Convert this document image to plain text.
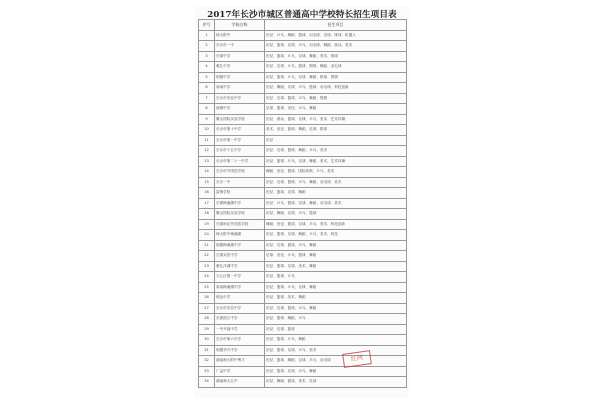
2017年长沙市城区普通高中学校特长招生项目表
序号	学校名称	招生项目
1	师大附中	田径、乒乓、舞蹈、篮球、羽毛球、足球、排球、机器人
2	长沙市一中	田径、篮球、足球、乒乓、羽毛球、舞蹈、游泳、美术
3	长郡中学	田径、篮球、乒乓、足球、舞蹈、美术、排球
4	雅礼中学	田径、足球、乒乓、篮球、网球、舞蹈、羽毛球
5	明德中学	田径、篮球、乒乓、足球、舞蹈、排球、围棋
6	周南中学	田径、舞蹈、足球、乒乓、篮球、羽毛球、科技创新
7	长沙市实验中学	田径、足球、篮球、乒乓、舞蹈、围棋
8	南雅中学	足球、篮球、田径、乒乓、舞蹈
9	麓山国际实验学校	田径、游泳、篮球、足球、乒乓、美术、艺术体操
10	长沙市第十中学	美术、田径、篮球、舞蹈、足球、排球
11	长沙市第一中学	田径
12	长沙市十五中学	田径、足球、篮球、舞蹈、乒乓、美术
13	长沙市第二十一中学	田径、篮球、乒乓、足球、舞蹈、美术、艺术体操
14	长沙市外国语学校	舞蹈、田径、篮球、国际象棋、乒乓、美术
15	长沙一中	田径、足球、篮球、乒乓、舞蹈、羽毛球、美术
16	雷锋学校	田径、篮球、足球、舞蹈
17	长郡梅溪湖中学	田径、乒乓、篮球、足球、舞蹈、羽毛球、美术
18	麓山国际实验学校	田径、舞蹈、足球、乒乓、篮球
19	长郡雨花外国语学校	舞蹈、田径、篮球、足球、乒乓、美术、科技创新
20	师大附中梅溪湖	田径、篮球、足球、舞蹈、乒乓、美术、科技
21	明德梅溪湖中学	田径、足球、篮球、乒乓、舞蹈
22	长郡双语中学	足球、田径、乒乓、篮球、舞蹈
23	雅礼洋湖中学	田径、篮球、足球、美术、舞蹈
24	天心区第一中学	田径、篮球、乒乓
25	周南梅溪湖中学	田径、篮球、乒乓、足球、舞蹈
26	明达中学	田径、篮球、美术、舞蹈
27	长沙市实验中学	田径、足球、篮球、乒乓、舞蹈
28	长郡滨江中学	田径、篮球、舞蹈、乒乓
29	一中开福中学	田径、足球、篮球
30	长沙市第六中学	田径、篮球、乒乓、舞蹈
31	明德华兴中学	田径、篮球、足球、乒乓、美术
32	湖南师大附中博才	田径、篮球、舞蹈、足球、乒乓、羽毛球
33	广益中学	田径、篮球、足球、乒乓、舞蹈
34	湖南师大五中	田径、舞蹈、篮球、美术、足球
红网
